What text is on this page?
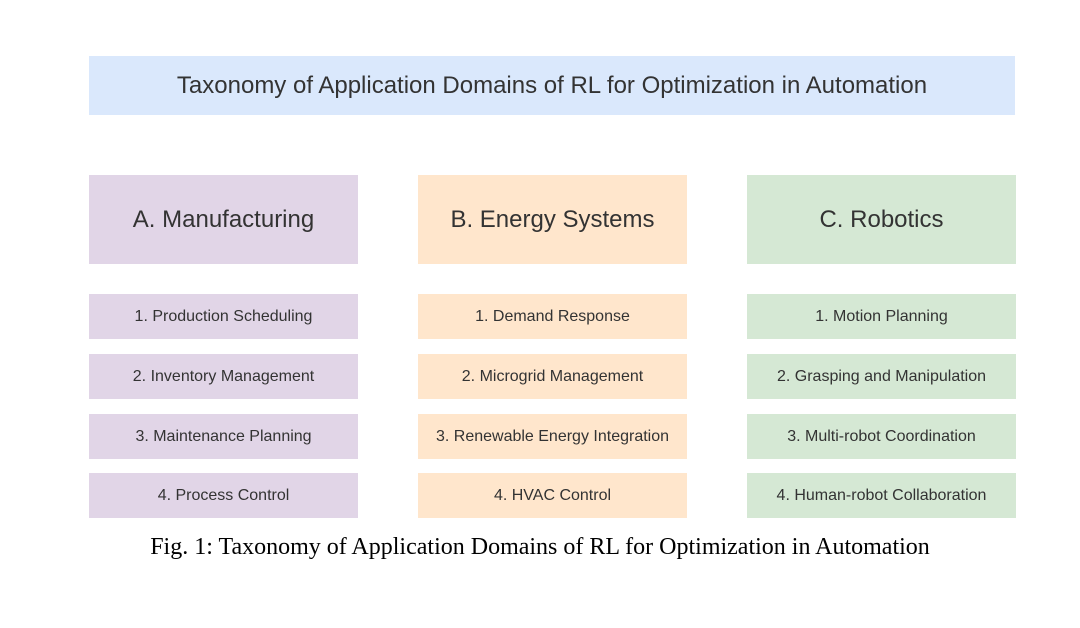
Taxonomy of Application Domains of RL for Optimization in Automation
A. Manufacturing
1. Production Scheduling
2. Inventory Management
3. Maintenance Planning
4. Process Control
B. Energy Systems
1. Demand Response
2. Microgrid Management
3. Renewable Energy Integration
4. HVAC Control
C. Robotics
1. Motion Planning
2. Grasping and Manipulation
3. Multi-robot Coordination
4. Human-robot Collaboration
Fig. 1: Taxonomy of Application Domains of RL for Optimization in Automation
